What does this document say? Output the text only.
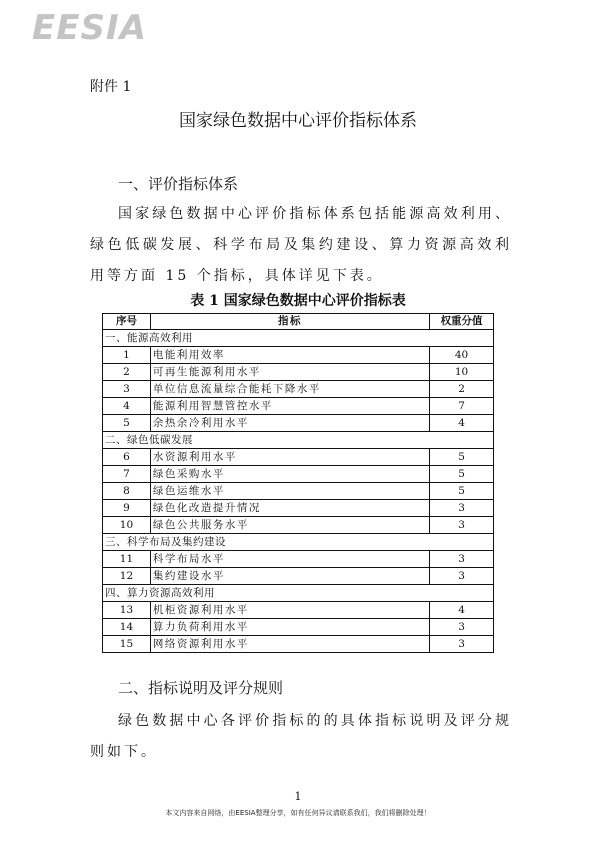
EESIA
附件 1
国家绿色数据中心评价指标体系
一、评价指标体系
国家绿色数据中心评价指标体系包括能源高效利用、绿色低碳发展、科学布局及集约建设、算力资源高效利用等方面 15 个指标，具体详见下表。
表 1 国家绿色数据中心评价指标表
序号	指标	权重分值
一、能源高效利用		
1	电能利用效率	40
2	可再生能源利用水平	10
3	单位信息流量综合能耗下降水平	2
4	能源利用智慧管控水平	7
5	余热余冷利用水平	4
二、绿色低碳发展		
6	水资源利用水平	5
7	绿色采购水平	5
8	绿色运维水平	5
9	绿色化改造提升情况	3
10	绿色公共服务水平	3
三、科学布局及集约建设		
11	科学布局水平	3
12	集约建设水平	3
四、算力资源高效利用		
13	机柜资源利用水平	4
14	算力负荷利用水平	3
15	网络资源利用水平	3
二、指标说明及评分规则
绿色数据中心各评价指标的的具体指标说明及评分规则如下。
1
本文内容来自网络，由EESIA整理分享，如有任何异议请联系我们，我们将删除处理！
